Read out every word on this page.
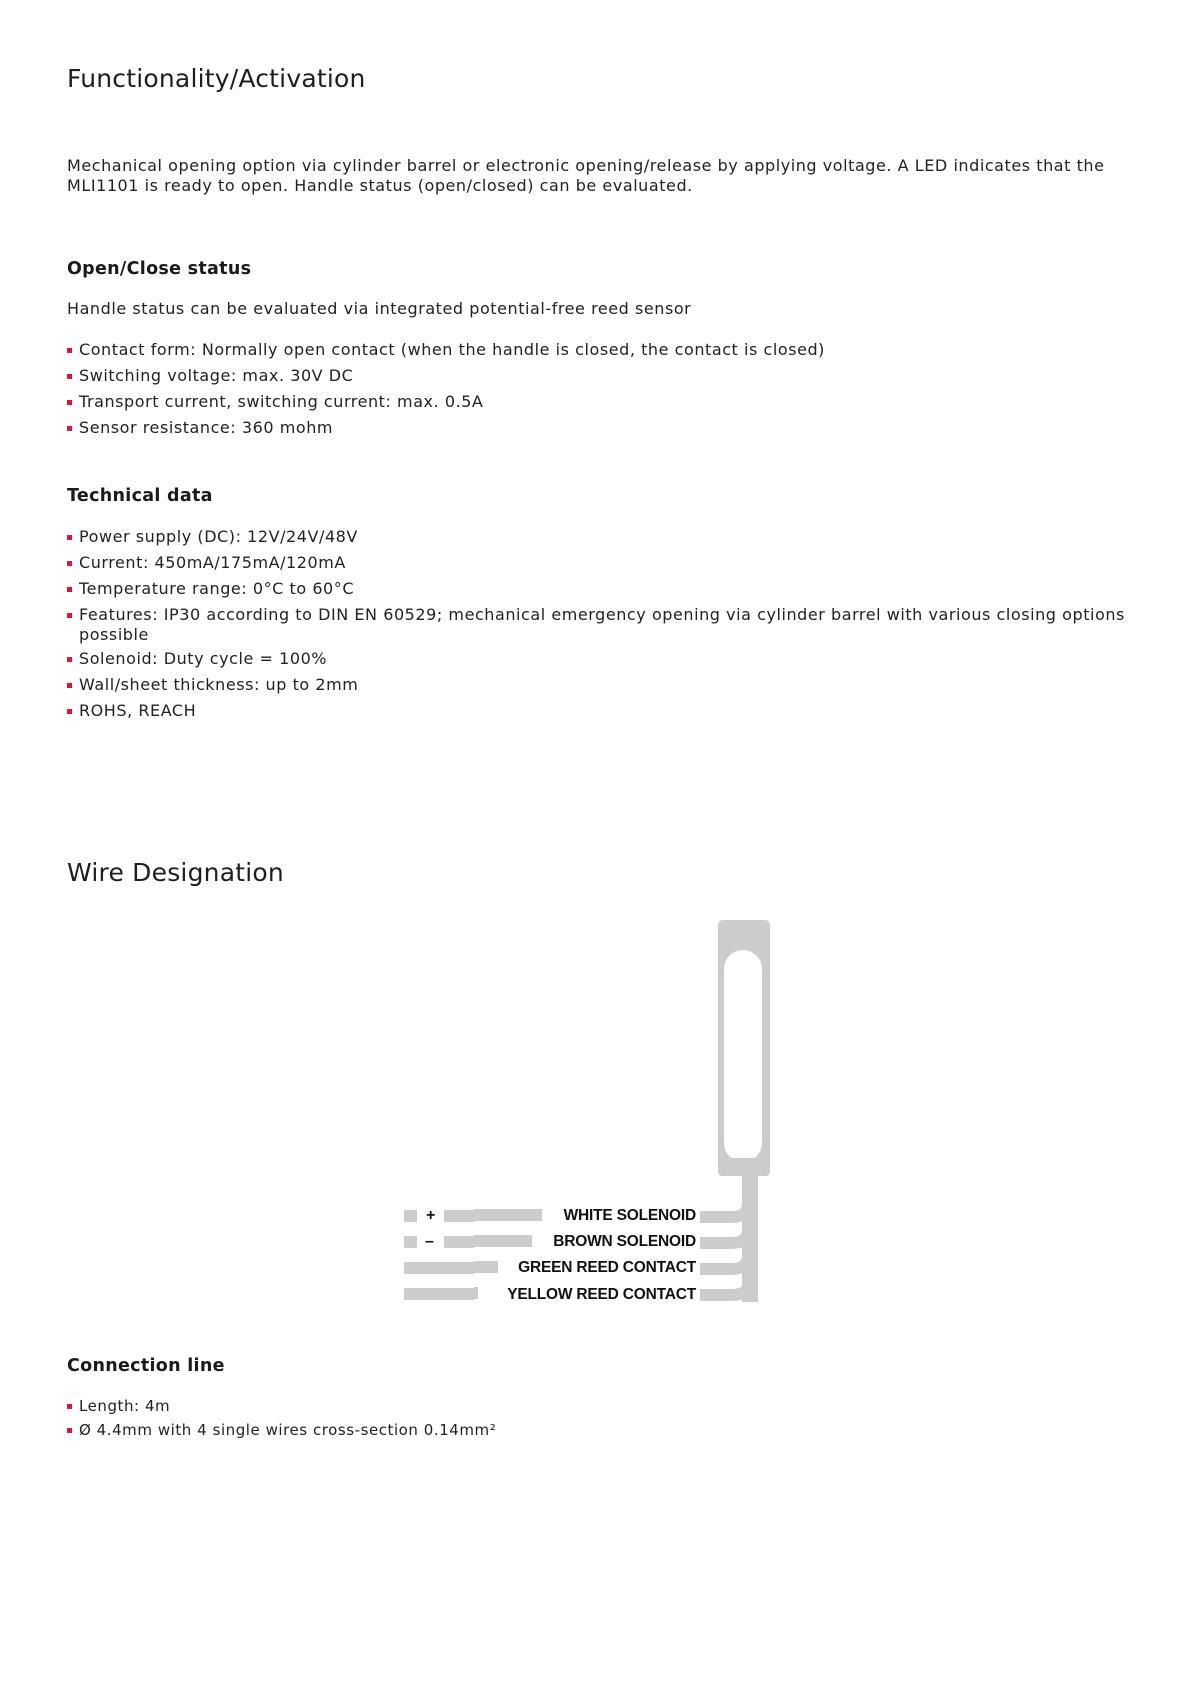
Functionality/Activation

Mechanical opening option via cylinder barrel or electronic opening/release by applying voltage. A LED indicates that the MLI1101 is ready to open. Handle status (open/closed) can be evaluated.

Open/Close status

Handle status can be evaluated via integrated potential-free reed sensor

Contact form: Normally open contact (when the handle is closed, the contact is closed)
Switching voltage: max. 30V DC
Transport current, switching current: max. 0.5A
Sensor resistance: 360 mohm
Technical data
Power supply (DC): 12V/24V/48V
Current: 450mA/175mA/120mA
Temperature range: 0°C to 60°C
Features: IP30 according to DIN EN 60529; mechanical emergency opening via cylinder barrel with various closing options possible
Solenoid: Duty cycle = 100%
Wall/sheet thickness: up to 2mm
ROHS, REACH
Wire Designation
+
–
WHITE SOLENOID
BROWN SOLENOID
GREEN REED CONTACT
YELLOW REED CONTACT
Connection line
Length: 4m
Ø 4.4mm with 4 single wires cross-section 0.14mm²
